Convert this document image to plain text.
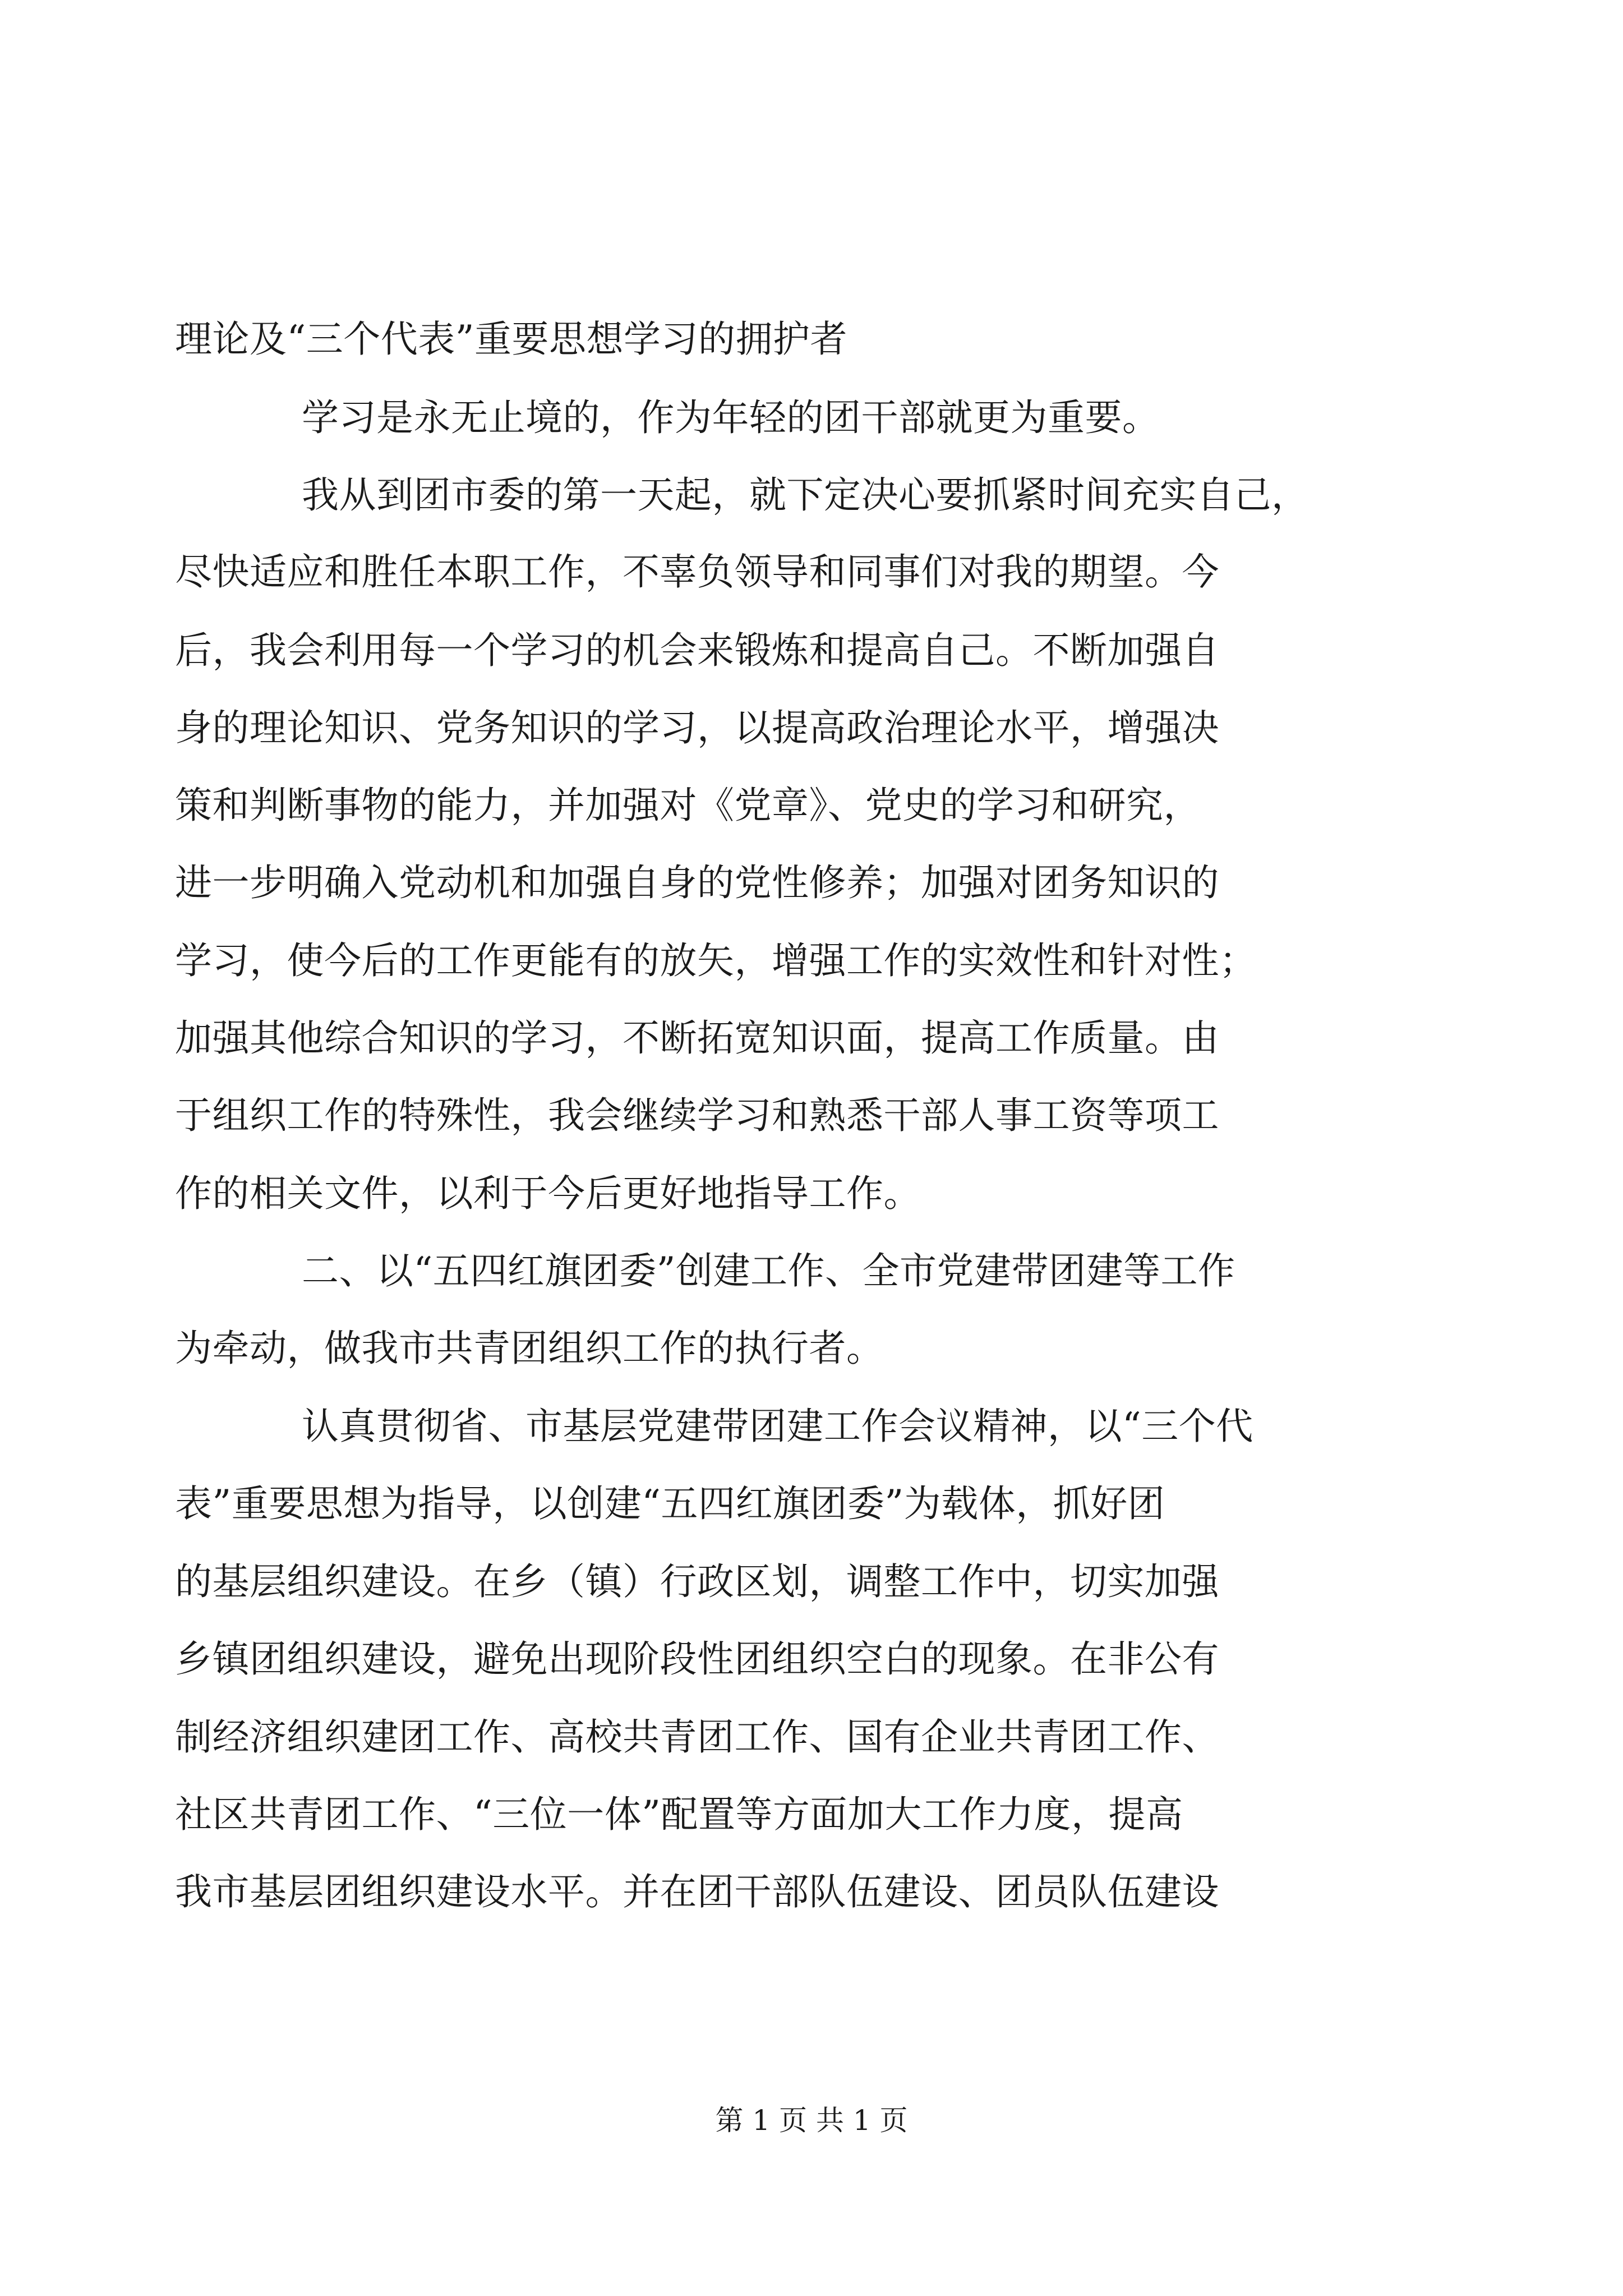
理论及“三个代表”重要思想学习的拥护者
学习是永无止境的，作为年轻的团干部就更为重要。
我从到团市委的第一天起，就下定决心要抓紧时间充实自己，
尽快适应和胜任本职工作，不辜负领导和同事们对我的期望。今
后，我会利用每一个学习的机会来锻炼和提高自己。不断加强自
身的理论知识、党务知识的学习，以提高政治理论水平，增强决
策和判断事物的能力，并加强对《党章》、党史的学习和研究，
进一步明确入党动机和加强自身的党性修养；加强对团务知识的
学习，使今后的工作更能有的放矢，增强工作的实效性和针对性；
加强其他综合知识的学习，不断拓宽知识面，提高工作质量。由
于组织工作的特殊性，我会继续学习和熟悉干部人事工资等项工
作的相关文件，以利于今后更好地指导工作。
二、以“五四红旗团委”创建工作、全市党建带团建等工作
为牵动，做我市共青团组织工作的执行者。
认真贯彻省、市基层党建带团建工作会议精神，以“三个代
表”重要思想为指导，以创建“五四红旗团委”为载体，抓好团
的基层组织建设。在乡（镇）行政区划，调整工作中，切实加强
乡镇团组织建设，避免出现阶段性团组织空白的现象。在非公有
制经济组织建团工作、高校共青团工作、国有企业共青团工作、
社区共青团工作、“三位一体”配置等方面加大工作力度，提高
我市基层团组织建设水平。并在团干部队伍建设、团员队伍建设
第 1 页 共 1 页
